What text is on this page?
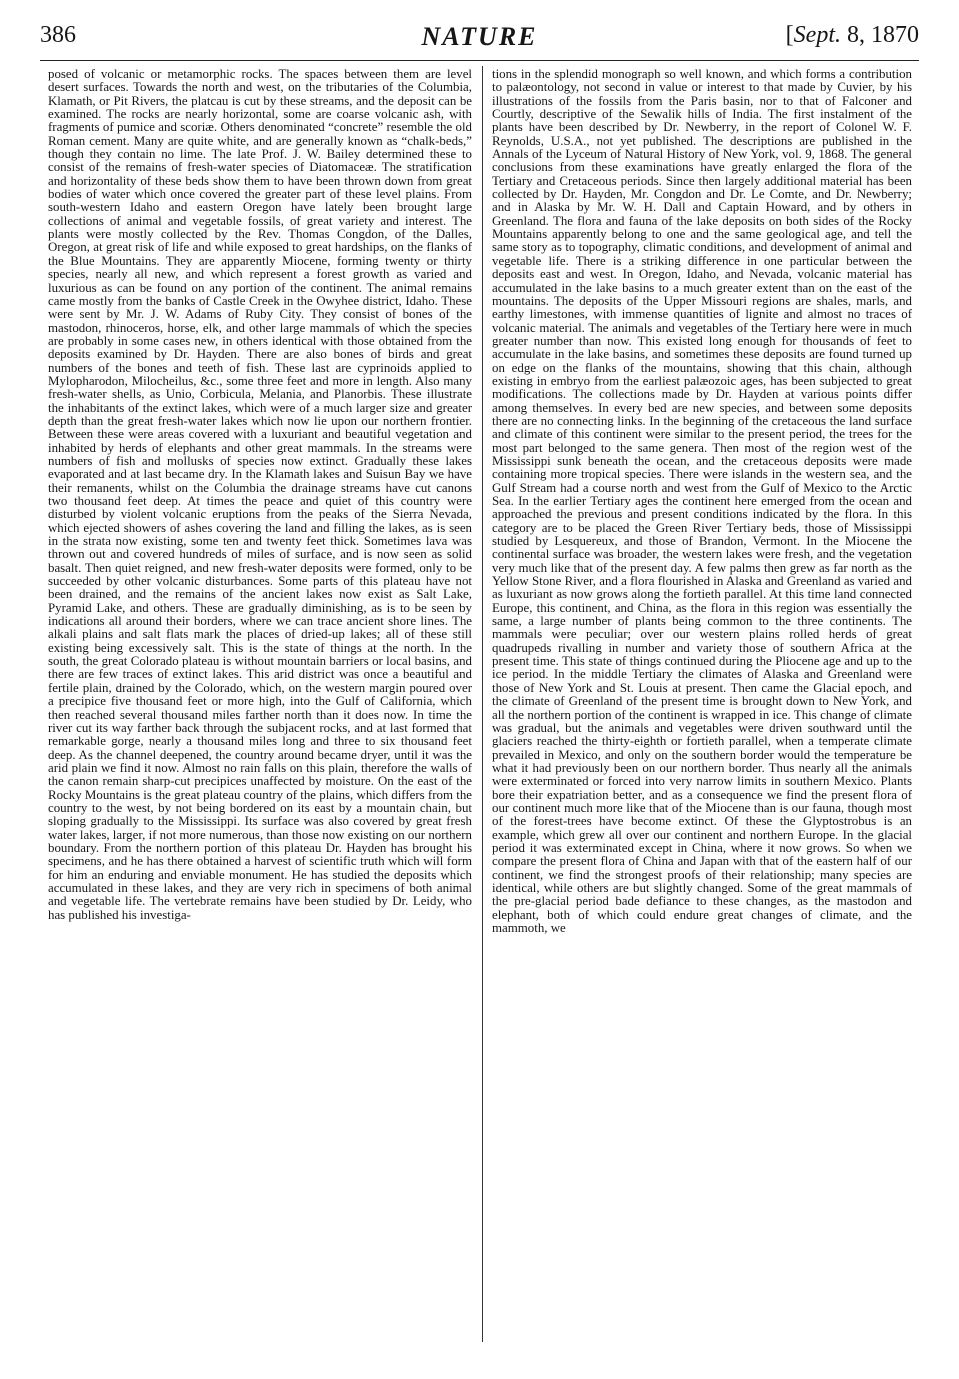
386	NATURE	[Sept. 8, 1870

posed of volcanic or metamorphic rocks. The spaces between them are level desert surfaces. Towards the north and west, on the tributaries of the Columbia, Klamath, or Pit Rivers, the platcau is cut by these streams, and the deposit can be examined. The rocks are nearly horizontal, some are coarse volcanic ash, with fragments of pumice and scoriæ. Others denominated “concrete” resemble the old Roman cement. Many are quite white, and are generally known as “chalk-beds,” though they contain no lime. The late Prof. J. W. Bailey determined these to consist of the remains of fresh-water species of Diatomaceæ. The stratification and horizontality of these beds show them to have been thrown down from great bodies of water which once covered the greater part of these level plains. From south-western Idaho and eastern Oregon have lately been brought large collections of animal and vegetable fossils, of great variety and interest. The plants were mostly collected by the Rev. Thomas Congdon, of the Dalles, Oregon, at great risk of life and while exposed to great hardships, on the flanks of the Blue Mountains. They are apparently Miocene, forming twenty or thirty species, nearly all new, and which represent a forest growth as varied and luxurious as can be found on any portion of the continent. The animal remains came mostly from the banks of Castle Creek in the Owyhee district, Idaho. These were sent by Mr. J. W. Adams of Ruby City. They consist of bones of the mastodon, rhinoceros, horse, elk, and other large mammals of which the species are probably in some cases new, in others identical with those obtained from the deposits examined by Dr. Hayden. There are also bones of birds and great numbers of the bones and teeth of fish. These last are cyprinoids applied to Mylopharodon, Milocheilus, &c., some three feet and more in length. Also many fresh-water shells, as Unio, Corbicula, Melania, and Planorbis. These illustrate the inhabitants of the extinct lakes, which were of a much larger size and greater depth than the great fresh-water lakes which now lie upon our northern frontier. Between these were areas covered with a luxuriant and beautiful vegetation and inhabited by herds of elephants and other great mammals. In the streams were numbers of fish and mollusks of species now extinct. Gradually these lakes evaporated and at last became dry. In the Klamath lakes and Suisun Bay we have their remanents, whilst on the Columbia the drainage streams have cut canons two thousand feet deep. At times the peace and quiet of this country were disturbed by violent volcanic eruptions from the peaks of the Sierra Nevada, which ejected showers of ashes covering the land and filling the lakes, as is seen in the strata now existing, some ten and twenty feet thick. Sometimes lava was thrown out and covered hundreds of miles of surface, and is now seen as solid basalt. Then quiet reigned, and new fresh-water deposits were formed, only to be succeeded by other volcanic disturbances. Some parts of this plateau have not been drained, and the remains of the ancient lakes now exist as Salt Lake, Pyramid Lake, and others. These are gradually diminishing, as is to be seen by indications all around their borders, where we can trace ancient shore lines. The alkali plains and salt flats mark the places of dried-up lakes; all of these still existing being excessively salt. This is the state of things at the north. In the south, the great Colorado plateau is without mountain barriers or local basins, and there are few traces of extinct lakes. This arid district was once a beautiful and fertile plain, drained by the Colorado, which, on the western margin poured over a precipice five thousand feet or more high, into the Gulf of California, which then reached several thousand miles farther north than it does now. In time the river cut its way farther back through the subjacent rocks, and at last formed that remarkable gorge, nearly a thousand miles long and three to six thousand feet deep. As the channel deepened, the country around became dryer, until it was the arid plain we find it now. Almost no rain falls on this plain, therefore the walls of the canon remain sharp-cut precipices unaffected by moisture. On the east of the Rocky Mountains is the great plateau country of the plains, which differs from the country to the west, by not being bordered on its east by a mountain chain, but sloping gradually to the Mississippi. Its surface was also covered by great fresh water lakes, larger, if not more numerous, than those now existing on our northern boundary. From the northern portion of this plateau Dr. Hayden has brought his specimens, and he has there obtained a harvest of scientific truth which will form for him an enduring and enviable monument. He has studied the deposits which accumulated in these lakes, and they are very rich in specimens of both animal and vegetable life. The vertebrate remains have been studied by Dr. Leidy, who has published his investiga-

tions in the splendid monograph so well known, and which forms a contribution to palæontology, not second in value or interest to that made by Cuvier, by his illustrations of the fossils from the Paris basin, nor to that of Falconer and Courtly, descriptive of the Sewalik hills of India. The first instalment of the plants have been described by Dr. Newberry, in the report of Colonel W. F. Reynolds, U.S.A., not yet published. The descriptions are published in the Annals of the Lyceum of Natural History of New York, vol. 9, 1868. The general conclusions from these examinations have greatly enlarged the flora of the Tertiary and Cretaceous periods. Since then largely additional material has been collected by Dr. Hayden, Mr. Congdon and Dr. Le Comte, and Dr. Newberry; and in Alaska by Mr. W. H. Dall and Captain Howard, and by others in Greenland. The flora and fauna of the lake deposits on both sides of the Rocky Mountains apparently belong to one and the same geological age, and tell the same story as to topography, climatic conditions, and development of animal and vegetable life. There is a striking difference in one particular between the deposits east and west. In Oregon, Idaho, and Nevada, volcanic material has accumulated in the lake basins to a much greater extent than on the east of the mountains. The deposits of the Upper Missouri regions are shales, marls, and earthy limestones, with immense quantities of lignite and almost no traces of volcanic material. The animals and vegetables of the Tertiary here were in much greater number than now. This existed long enough for thousands of feet to accumulate in the lake basins, and sometimes these deposits are found turned up on edge on the flanks of the mountains, showing that this chain, although existing in embryo from the earliest palæozoic ages, has been subjected to great modifications. The collections made by Dr. Hayden at various points differ among themselves. In every bed are new species, and between some deposits there are no connecting links. In the beginning of the cretaceous the land surface and climate of this continent were similar to the present period, the trees for the most part belonged to the same genera. Then most of the region west of the Mississippi sunk beneath the ocean, and the cretaceous deposits were made containing more tropical species. There were islands in the western sea, and the Gulf Stream had a course north and west from the Gulf of Mexico to the Arctic Sea. In the earlier Tertiary ages the continent here emerged from the ocean and approached the previous and present conditions indicated by the flora. In this category are to be placed the Green River Tertiary beds, those of Mississippi studied by Lesquereux, and those of Brandon, Vermont. In the Miocene the continental surface was broader, the western lakes were fresh, and the vegetation very much like that of the present day. A few palms then grew as far north as the Yellow Stone River, and a flora flourished in Alaska and Greenland as varied and as luxuriant as now grows along the fortieth parallel. At this time land connected Europe, this continent, and China, as the flora in this region was essentially the same, a large number of plants being common to the three continents. The mammals were peculiar; over our western plains rolled herds of great quadrupeds rivalling in number and variety those of southern Africa at the present time. This state of things continued during the Pliocene age and up to the ice period. In the middle Tertiary the climates of Alaska and Greenland were those of New York and St. Louis at present. Then came the Glacial epoch, and the climate of Greenland of the present time is brought down to New York, and all the northern portion of the continent is wrapped in ice. This change of climate was gradual, but the animals and vegetables were driven southward until the glaciers reached the thirty-eighth or fortieth parallel, when a temperate climate prevailed in Mexico, and only on the southern border would the temperature be what it had previously been on our northern border. Thus nearly all the animals were exterminated or forced into very narrow limits in southern Mexico. Plants bore their expatriation better, and as a consequence we find the present flora of our continent much more like that of the Miocene than is our fauna, though most of the forest-trees have become extinct. Of these the Glyptostrobus is an example, which grew all over our continent and northern Europe. In the glacial period it was exterminated except in China, where it now grows. So when we compare the present flora of China and Japan with that of the eastern half of our continent, we find the strongest proofs of their relationship; many species are identical, while others are but slightly changed. Some of the great mammals of the pre-glacial period bade defiance to these changes, as the mastodon and elephant, both of which could endure great changes of climate, and the mammoth, we
